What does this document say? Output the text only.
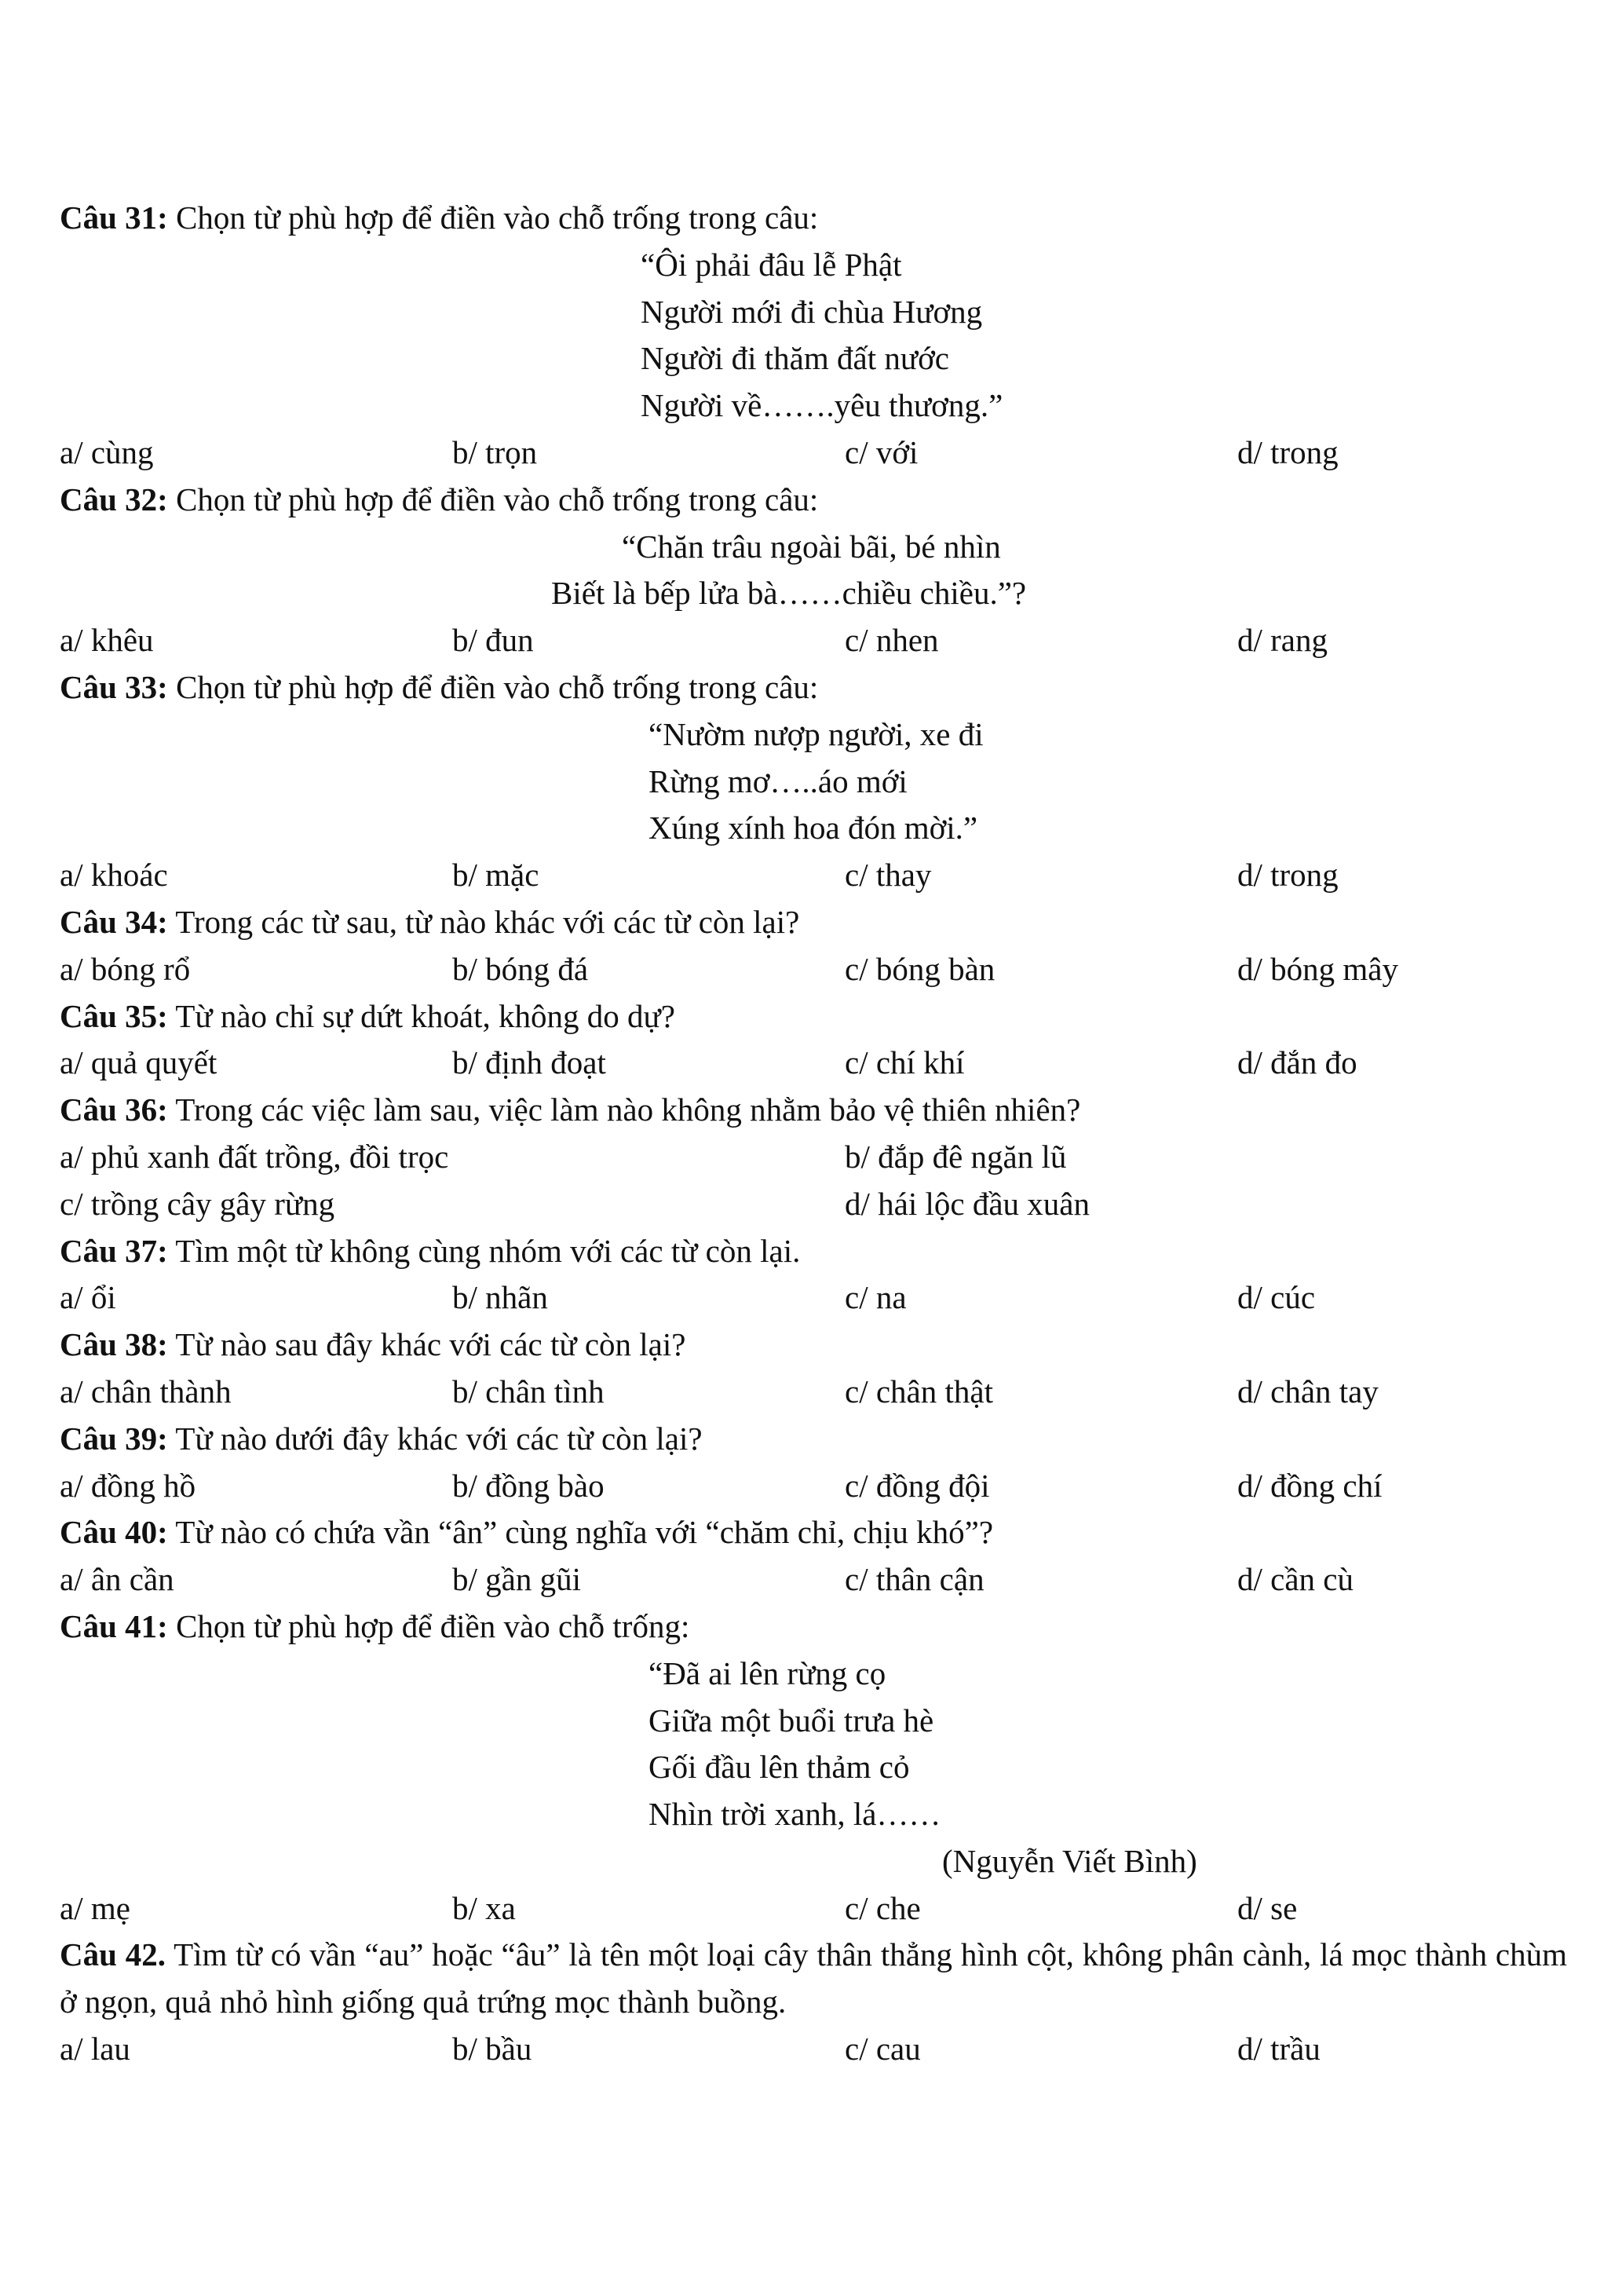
Câu 31: Chọn từ phù hợp để điền vào chỗ trống trong câu:

“Ôi phải đâu lễ Phật

Người mới đi chùa Hương

Người đi thăm đất nước

Người về…….yêu thương.”

a/ cùng	b/ trọn	c/ với	d/ trong

Câu 32: Chọn từ phù hợp để điền vào chỗ trống trong câu:

“Chăn trâu ngoài bãi, bé nhìn

Biết là bếp lửa bà……chiều chiều.”?

a/ khêu	b/ đun	c/ nhen	d/ rang

Câu 33: Chọn từ phù hợp để điền vào chỗ trống trong câu:

“Nườm nượp người, xe đi

Rừng mơ…..áo mới

Xúng xính hoa đón mời.”

a/ khoác	b/ mặc	c/ thay	d/ trong

Câu 34: Trong các từ sau, từ nào khác với các từ còn lại?

a/ bóng rổ	b/ bóng đá	c/ bóng bàn	d/ bóng mây

Câu 35: Từ nào chỉ sự dứt khoát, không do dự?

a/ quả quyết	b/ định đoạt	c/ chí khí	d/ đắn đo

Câu 36: Trong các việc làm sau, việc làm nào không nhằm bảo vệ thiên nhiên?

a/ phủ xanh đất trồng, đồi trọc	b/ đắp đê ngăn lũ
c/ trồng cây gây rừng	d/ hái lộc đầu xuân

Câu 37: Tìm một từ không cùng nhóm với các từ còn lại.

a/ ổi	b/ nhãn	c/ na	d/ cúc

Câu 38: Từ nào sau đây khác với các từ còn lại?

a/ chân thành	b/ chân tình	c/ chân thật	d/ chân tay

Câu 39: Từ nào dưới đây khác với các từ còn lại?

a/ đồng hồ	b/ đồng bào	c/ đồng đội	d/ đồng chí

Câu 40: Từ nào có chứa vần “ân” cùng nghĩa với “chăm chỉ, chịu khó”?

a/ ân cần	b/ gần gũi	c/ thân cận	d/ cần cù

Câu 41: Chọn từ phù hợp để điền vào chỗ trống:

“Đã ai lên rừng cọ

Giữa một buổi trưa hè

Gối đầu lên thảm cỏ

Nhìn trời xanh, lá……

(Nguyễn Viết Bình)

a/ mẹ	b/ xa	c/ che	d/ se

Câu 42. Tìm từ có vần “au” hoặc “âu” là tên một loại cây thân thẳng hình cột, không phân cành, lá mọc thành chùm ở ngọn, quả nhỏ hình giống quả trứng mọc thành buồng.

a/ lau	b/ bầu	c/ cau	d/ trầu
